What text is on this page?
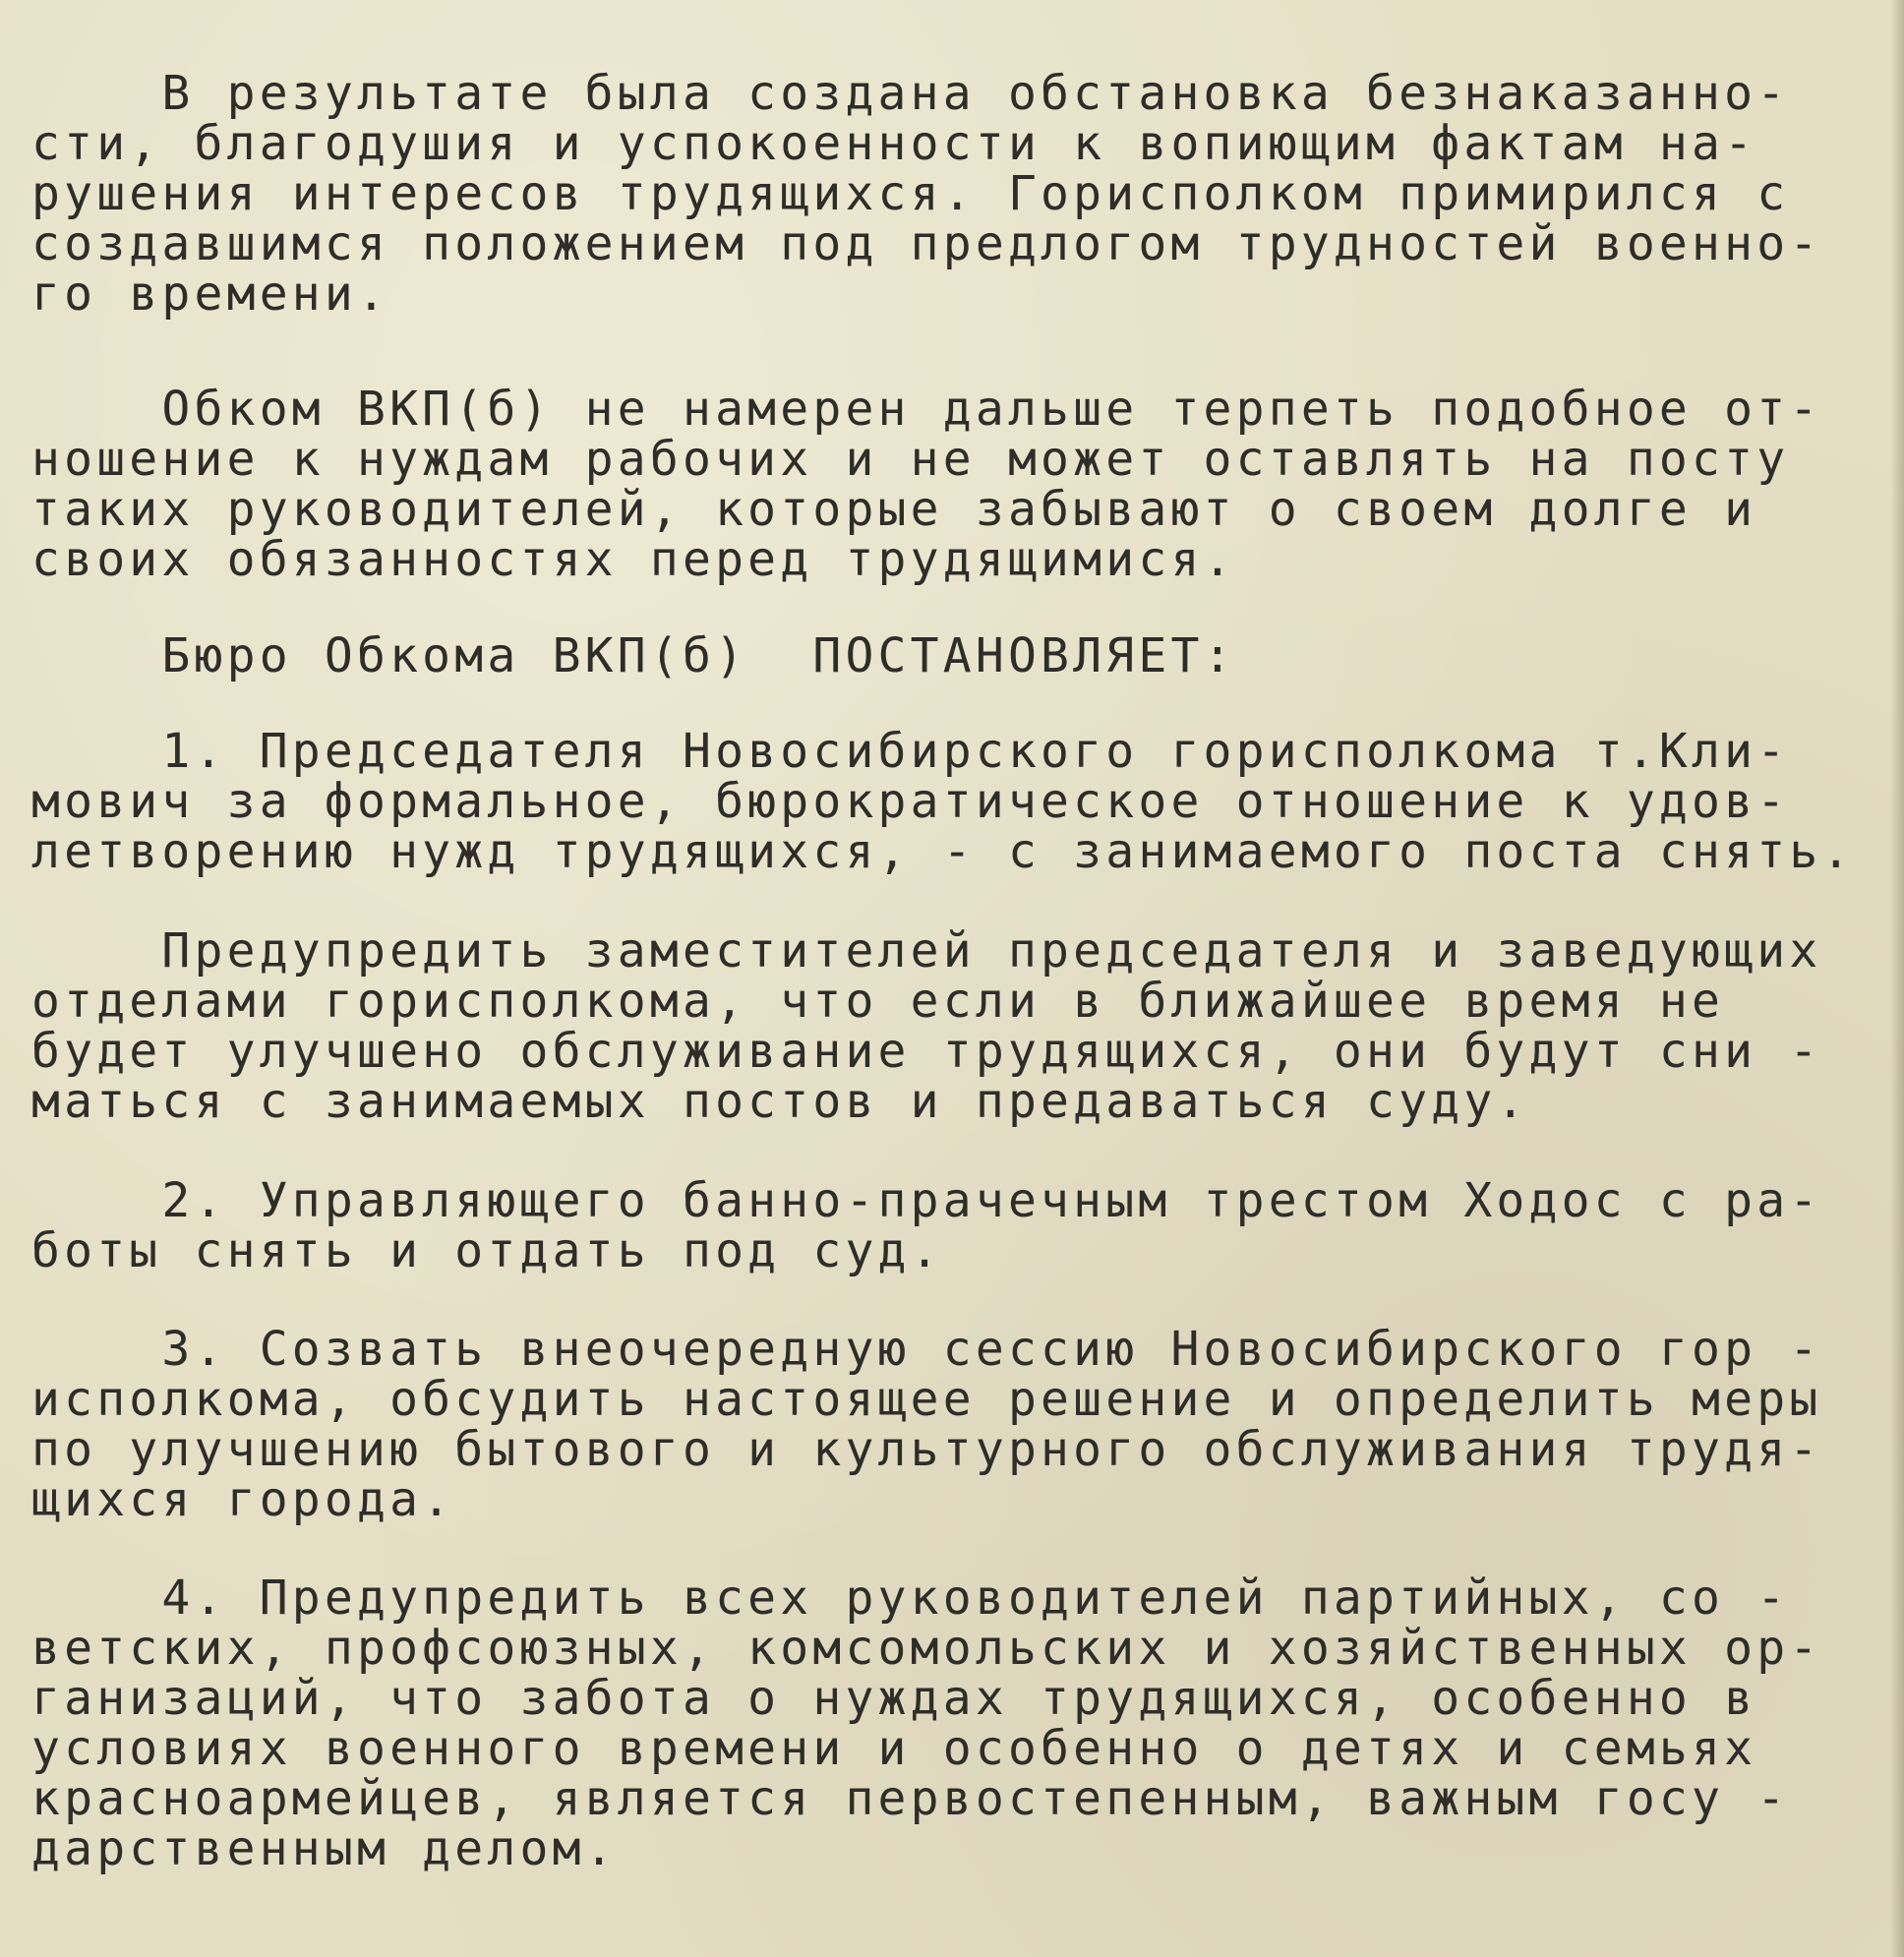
В результате была создана обстановка безнаказанно-
сти, благодушия и успокоенности к вопиющим фактам на-
рушения интересов трудящихся. Горисполком примирился с
создавшимся положением под предлогом трудностей военно-
го времени.
Обком ВКП(б) не намерен дальше терпеть подобное от-
ношение к нуждам рабочих и не может оставлять на посту
таких руководителей, которые забывают о своем долге и
своих обязанностях перед трудящимися.
Бюро Обкома ВКП(б)  ПОСТАНОВЛЯЕТ:
1. Председателя Новосибирского горисполкома т.Кли-
мович за формальное, бюрократическое отношение к удов-
летворению нужд трудящихся, - с занимаемого поста снять.
Предупредить заместителей председателя и заведующих
отделами горисполкома, что если в ближайшее время не
будет улучшено обслуживание трудящихся, они будут сни -
маться с занимаемых постов и предаваться суду.
2. Управляющего банно-прачечным трестом Ходос с ра-
боты снять и отдать под суд.
3. Созвать внеочередную сессию Новосибирского гор -
исполкома, обсудить настоящее решение и определить меры
по улучшению бытового и культурного обслуживания трудя-
щихся города.
4. Предупредить всех руководителей партийных, со -
ветских, профсоюзных, комсомольских и хозяйственных ор-
ганизаций, что забота о нуждах трудящихся, особенно в
условиях военного времени и особенно о детях и семьях
красноармейцев, является первостепенным, важным госу -
дарственным делом.
